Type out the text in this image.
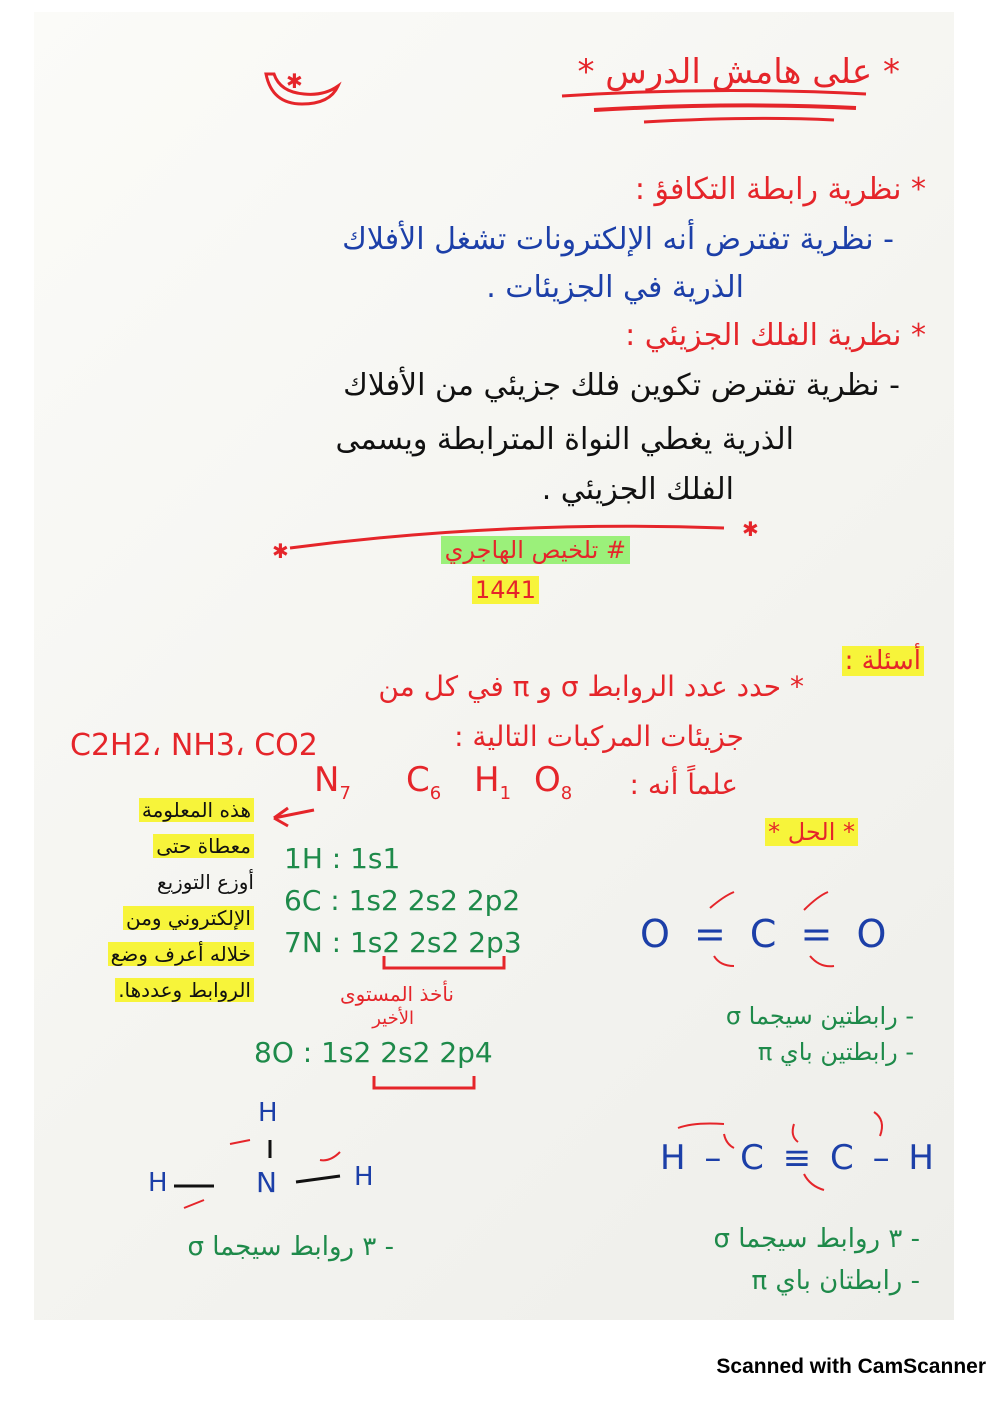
✱
✱
✱
* على هامش الدرس *
* نظرية رابطة التكافؤ :
- نظرية تفترض أنه الإلكترونات تشغل الأفلاك
الذرية في الجزيئات .
* نظرية الفلك الجزيئي :
- نظرية تفترض تكوين فلك جزيئي من الأفلاك
الذرية يغطي النواة المترابطة ويسمى
الفلك الجزيئي .
# تلخيص الهاجري
1441
أسئلة :
* حدد عدد الروابط σ و π في كل من
جزيئات المركبات التالية :
C2H2، NH3، CO2
علماً أنه :
$N_7$ $C_6$ $H_1$ $O_8$
هذه المعلومة
معطاة حتى
أوزع التوزيع
الإلكتروني ومن
خلاله أعرف وضع
الروابط وعددها.
1H : 1s1
6C : 1s2 2s2 2p2
7N : 1s2 2s2 2p3
نأخذ المستوى
الأخير
8O : 1s2 2s2 2p4
H
N
H	H
- ٣ روابط سيجما σ
* الحل *
O = C = O
- رابطتين سيجما σ
- رابطتين باي π
H – C ≡ C – H
- ٣ روابط سيجما σ
- رابطتان باي π
Scanned with CamScanner
